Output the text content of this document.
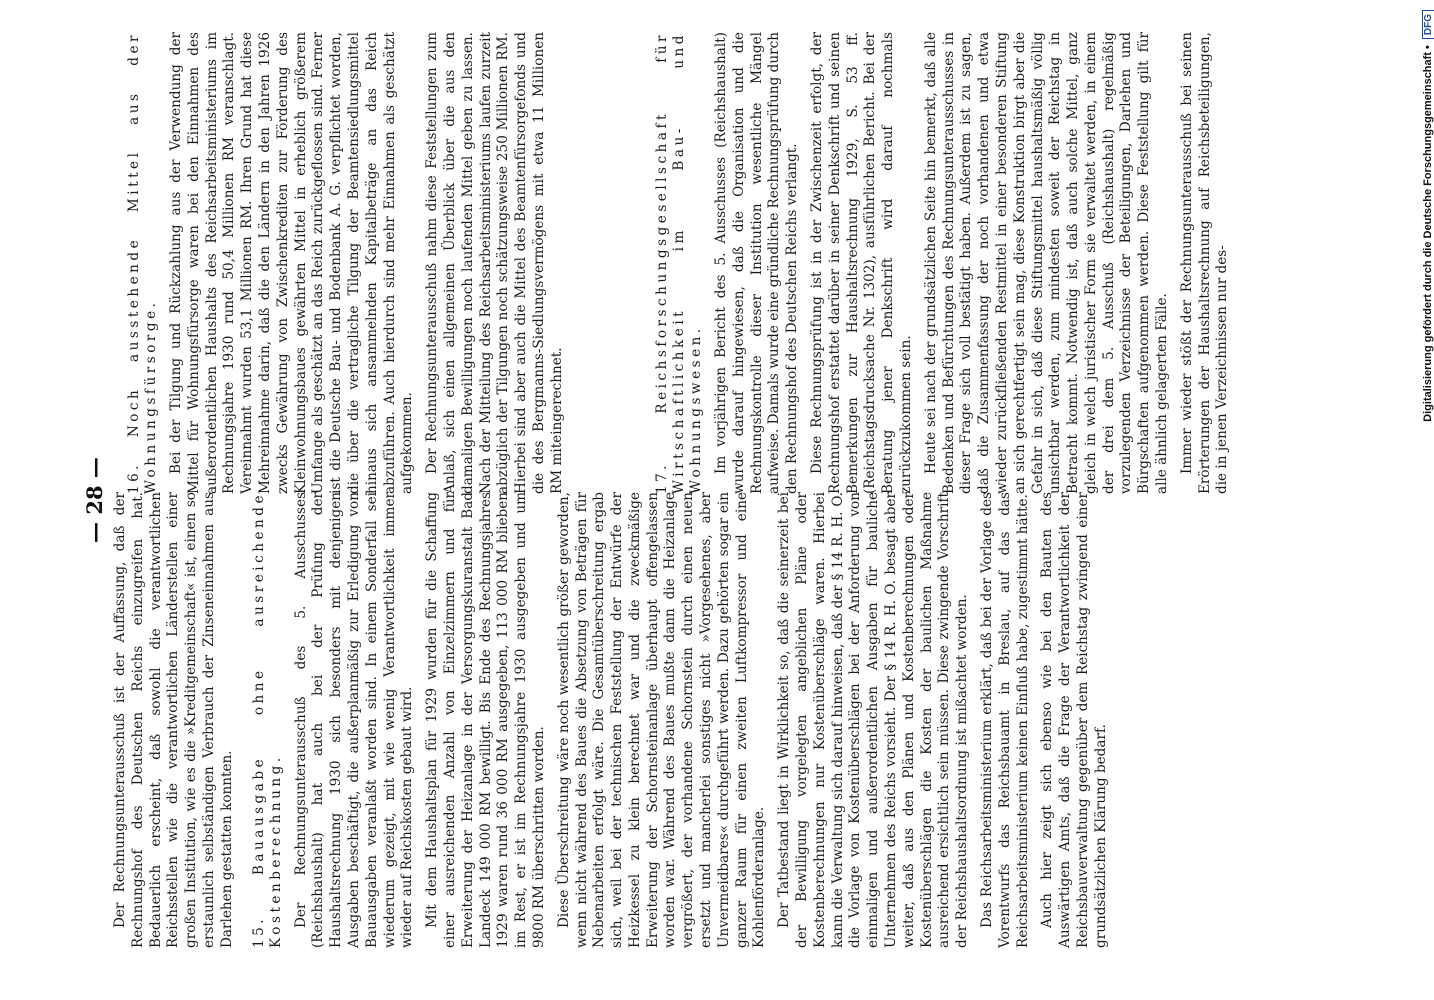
— 28 — Der Rechnungsunterausschuß ist der Auffassung, daß der Rechnungshof des Deutschen Reichs einzugreifen hat. Bedauerlich erscheint, daß sowohl die verantwortlichen Reichsstellen wie die verantwortlichen Länderstellen einer großen Institution, wie es die »Kreditgemeinschaft« ist, einen so erstaunlich selbständigen Verbrauch der Zinseneinnahmen aus Darlehen gestatten konnten. 15. Bauausgabe ohne ausreichende Kostenberechnung. Der Rechnungsunterausschuß des 5. Ausschusses (Reichshaushalt) hat auch bei der Prüfung der Haushaltsrechnung 1930 sich besonders mit denjenigen Ausgaben beschäftigt, die außerplanmäßig zur Erledigung von Bauausgaben veranlaßt worden sind. In einem Sonderfall sei wiederum gezeigt, mit wie wenig Verantwortlichkeit immer wieder auf Reichskosten gebaut wird. Mit dem Haushaltsplan für 1929 wurden für die Schaffung einer ausreichenden Anzahl von Einzelzimmern und für Erweiterung der Heizanlage in der Versorgungskuranstalt Bad Landeck 149 000 RM bewilligt. Bis Ende des Rechnungsjahres 1929 waren rund 36 000 RM ausgegeben, 113 000 RM blieben im Rest, er ist im Rechnungsjahre 1930 ausgegeben und um 9800 RM überschritten worden. Diese Überschreitung wäre noch wesentlich größer geworden, wenn nicht während des Baues die Absetzung von Beträgen für Nebenarbeiten erfolgt wäre. Die Gesamtüberschreitung ergab sich, weil bei der technischen Feststellung der Entwürfe der Heizkessel zu klein berechnet war und die zweckmäßige Erweiterung der Schornsteinanlage überhaupt offengelassen worden war. Während des Baues mußte dann die Heizanlage vergrößert, der vorhandene Schornstein durch einen neuen ersetzt und mancherlei sonstiges nicht »Vorgesehenes, aber Unvermeidbares« durchgeführt werden. Dazu gehörten sogar ein ganzer Raum für einen zweiten Luftkompressor und eine Kohlenförderanlage. Der Tatbestand liegt in Wirklichkeit so, daß die seinerzeit bei der Bewilligung vorgelegten angeblichen Pläne oder Kostenberechnungen nur Kostenüberschläge waren. Hierbei kann die Verwaltung sich darauf hinweisen, daß der § 14 R. H. O. die Vorlage von Kostenüberschlägen bei der Anforderung von einmaligen und außerordentlichen Ausgaben für bauliche Unternehmen des Reichs vorsieht. Der § 14 R. H. O. besagt aber weiter, daß aus den Plänen und Kostenberechnungen oder Kostenüberschlägen die Kosten der baulichen Maßnahme ausreichend ersichtlich sein müssen. Diese zwingende Vorschrift der Reichshaushaltsordnung ist mißachtet worden. Das Reichsarbeitsministerium erklärt, daß bei der Vorlage des Vorentwurfs das Reichsbauamt in Breslau, auf das das Reichsarbeitsministerium keinen Einfluß habe, zugestimmt hätte. Auch hier zeigt sich ebenso wie bei den Bauten des Auswärtigen Amts, daß die Frage der Verantwortlichkeit der Reichsbauverwaltung gegenüber dem Reichstag zwingend einer grundsätzlichen Klärung bedarf.

16. Noch ausstehende Mittel aus der Wohnungsfürsorge. Bei der Tilgung und Rückzahlung aus der Verwendung der Mittel für Wohnungsfürsorge waren bei den Einnahmen des außerordentlichen Haushalts des Reichsarbeitsministeriums im Rechnungsjahre 1930 rund 50,4 Millionen RM veranschlagt. Vereinnahmt wurden 53,1 Millionen RM. Ihren Grund hat diese Mehreinnahme darin, daß die den Ländern in den Jahren 1926 zwecks Gewährung von Zwischenkrediten zur Förderung des Kleinwohnungsbaues gewährten Mittel in erheblich größerem Umfange als geschätzt an das Reich zurückgeflossen sind. Ferner ist die Deutsche Bau- und Bodenbank A. G. verpflichtet worden, die über die vertragliche Tilgung der Beamtensiedlungsmittel hinaus sich ansammelnden Kapitalbeträge an das Reich abzuführen. Auch hierdurch sind mehr Einnahmen als geschätzt aufgekommen. Der Rechnungsunterausschuß nahm diese Feststellungen zum Anlaß, sich einen allgemeinen Überblick über die aus den damaligen Bewilligungen noch laufenden Mittel geben zu lassen. Nach der Mitteilung des Reichsarbeitsministeriums laufen zurzeit abzüglich der Tilgungen noch schätzungsweise 250 Millionen RM. Hierbei sind aber auch die Mittel des Beamtenfürsorgefonds und die des Bergmanns-Siedlungsvermögens mit etwa 11 Millionen RM miteingerechnet.	17. Reichsforschungsgesellschaft für Wirtschaftlichkeit im Bau- und Wohnungswesen. Im vorjährigen Bericht des 5. Ausschusses (Reichshaushalt) wurde darauf hingewiesen, daß die Organisation und die Rechnungskontrolle dieser Institution wesentliche Mängel aufweise. Damals wurde eine gründliche Rechnungsprüfung durch den Rechnungshof des Deutschen Reichs verlangt. Diese Rechnungsprüfung ist in der Zwischenzeit erfolgt, der Rechnungshof erstattet darüber in seiner Denkschrift und seinen Bemerkungen zur Haushaltsrechnung 1929, S. 53 ff. (Reichstagsdrucksache Nr. 1302), ausführlichen Bericht. Bei der Beratung jener Denkschrift wird darauf nochmals zurückzukommen sein. Heute sei nach der grundsätzlichen Seite hin bemerkt, daß alle Bedenken und Befürchtungen des Rechnungsunterausschusses in dieser Frage sich voll bestätigt haben. Außerdem ist zu sagen, daß die Zusammenfassung der noch vorhandenen und etwa wieder zurückfließenden Restmittel in einer besonderen Stiftung an sich gerechtfertigt sein mag, diese Konstruktion birgt aber die Gefahr in sich, daß diese Stiftungsmittel haushaltsmäßig völlig unsichtbar werden, zum mindesten soweit der Reichstag in Betracht kommt. Notwendig ist, daß auch solche Mittel, ganz gleich in welch juristischer Form sie verwaltet werden, in einem der drei dem 5. Ausschuß (Reichshaushalt) regelmäßig vorzulegenden Verzeichnisse der Beteiligungen, Darlehen und Bürgschaften aufgenommen werden. Diese Feststellung gilt für alle ähnlich gelagerten Fälle. Immer wieder stößt der Rechnungsunterausschuß bei seinen Erörterungen der Haushaltsrechnung auf Reichsbeteiligungen, die in jenen Verzeichnissen nur des-	Digitalisierung gefördert durch die Deutsche Forschungsgemeinschaft •
DFG
